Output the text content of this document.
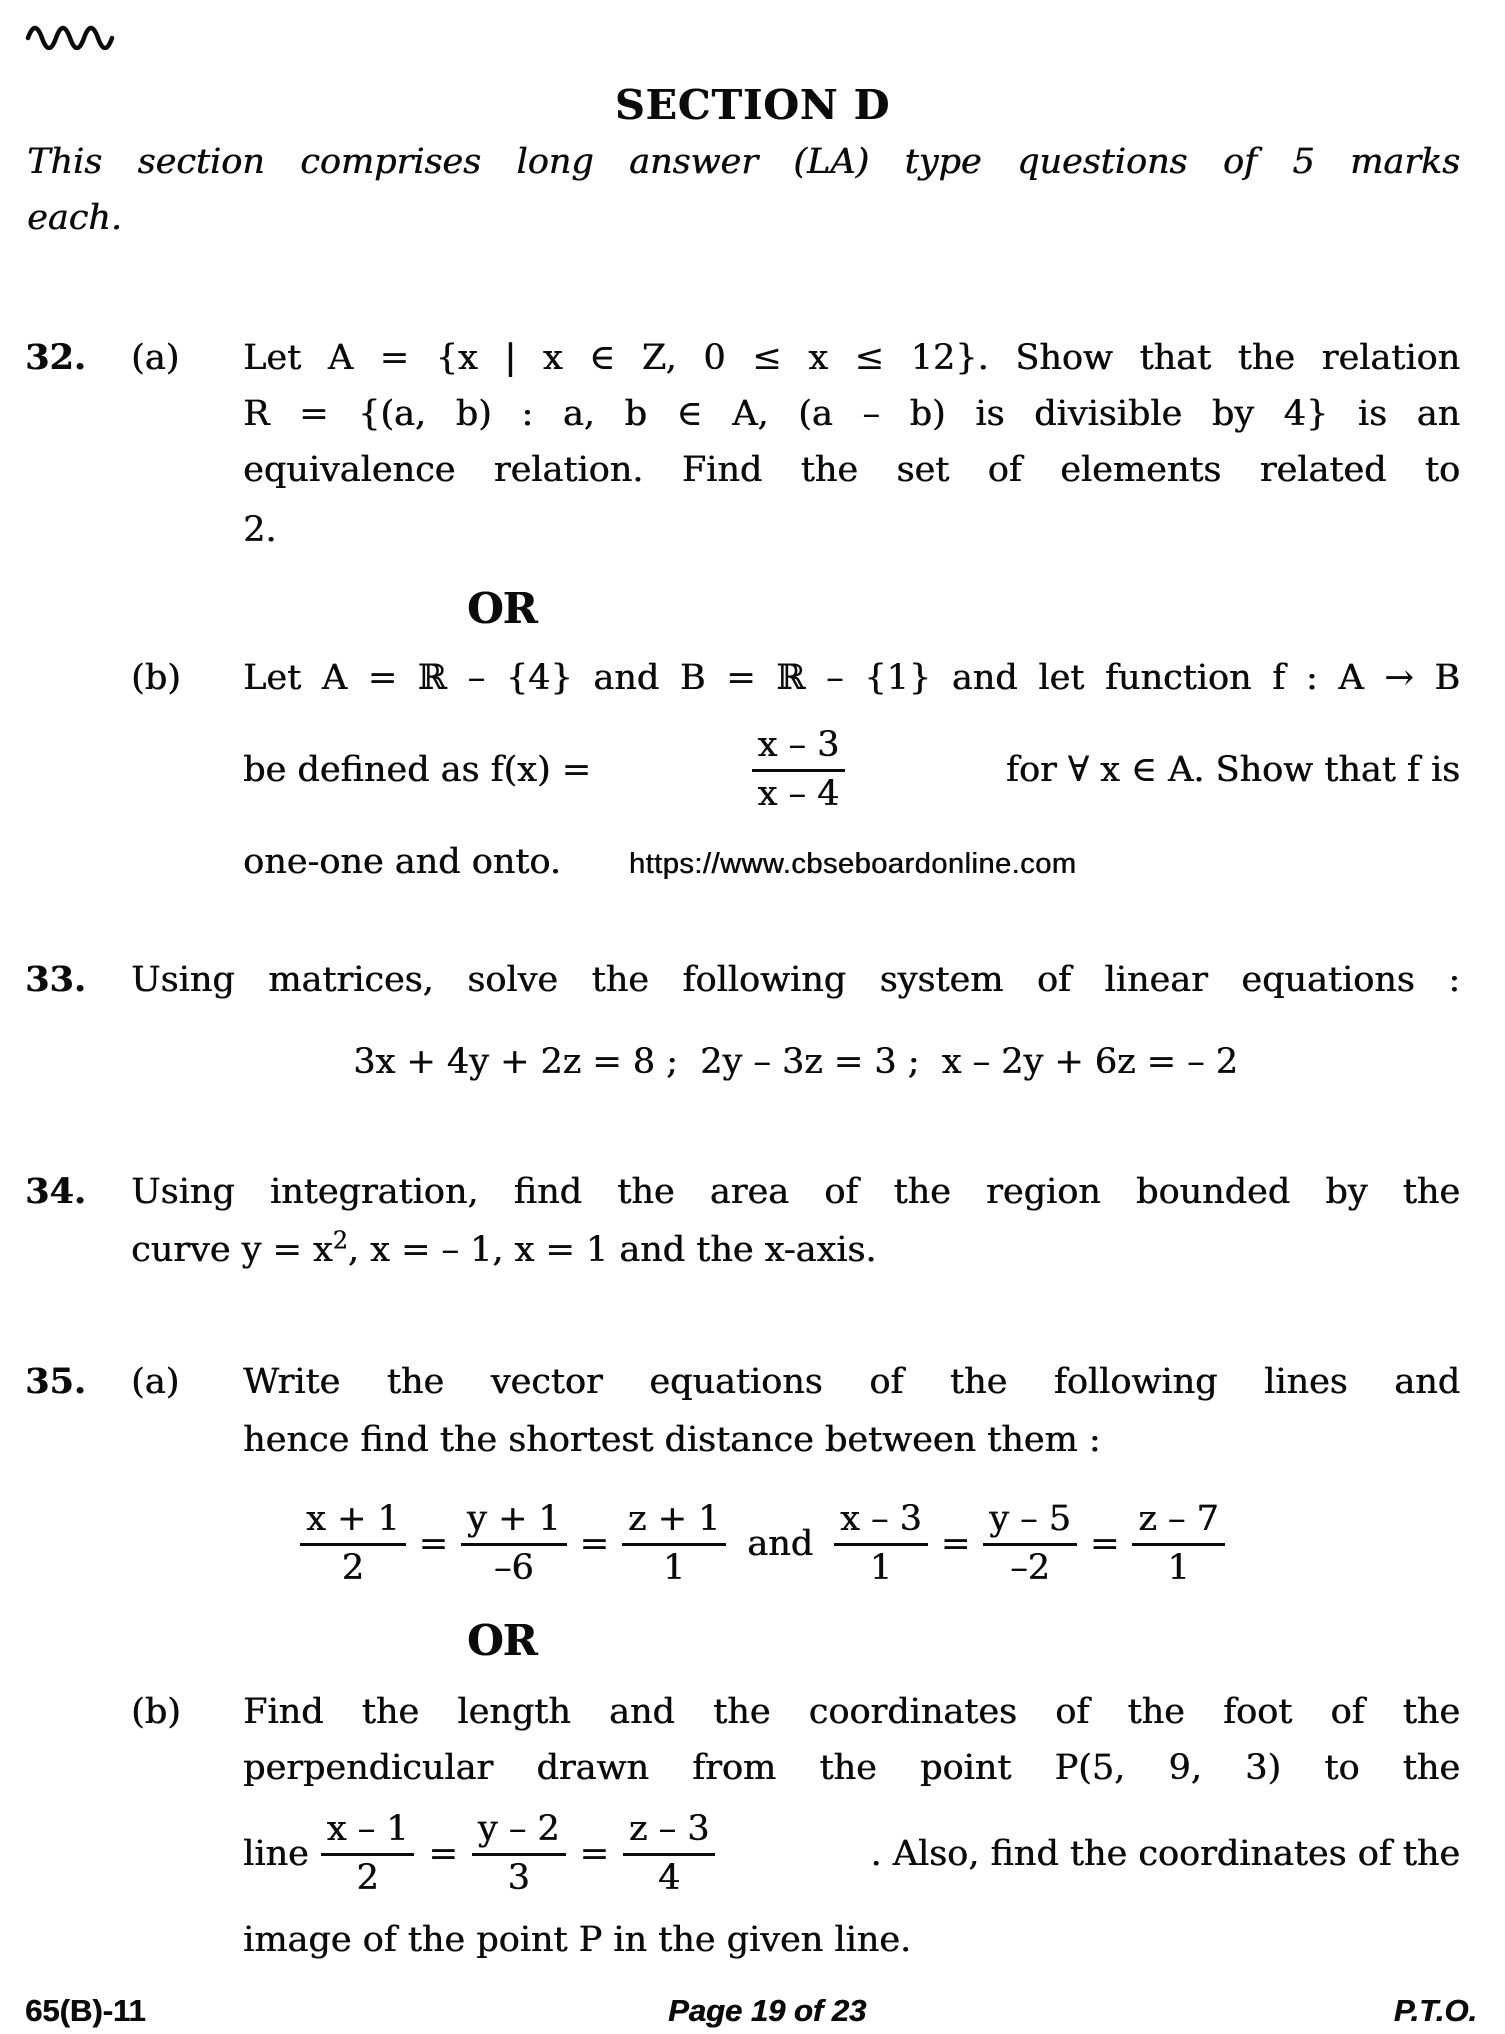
SECTION D
This section comprises long answer (LA) type questions of 5 marks
each.
32. (a) Let A = {x | x ∈ Z, 0 ≤ x ≤ 12}. Show that the relation
R = {(a, b) : a, b ∈ A, (a – b) is divisible by 4} is an
equivalence relation. Find the set of elements related to
2.
OR
(b) Let A = ℝ – {4} and B = ℝ – {1} and let function f : A → B
be defined as f(x) =	$\frac{x - 3}{x - 4}$	for ∀ x ∈ A. Show that f is
one-one and onto. https://www.cbseboardonline.com
33. Using matrices, solve the following system of linear equations :
3x + 4y + 2z = 8 ;  2y – 3z = 3 ;  x – 2y + 6z = – 2
34. Using integration, find the area of the region bounded by the
curve $y = x^2$, x = – 1, x = 1 and the x-axis.
35. (a) Write the vector equations of the following lines and
hence find the shortest distance between them :
$\frac{x + 1}{2} = \frac{y + 1}{-6} = \frac{z + 1}{1}$ and $\frac{x - 3}{1} = \frac{y - 5}{-2} = \frac{z - 7}{1}$
OR
(b) Find the length and the coordinates of the foot of the
perpendicular drawn from the point P(5, 9, 3) to the
line $\frac{x - 1}{2} = \frac{y - 2}{3} = \frac{z - 3}{4}$	. Also, find the coordinates of the
image of the point P in the given line.
65(B)-11	Page 19 of 23	P.T.O.
